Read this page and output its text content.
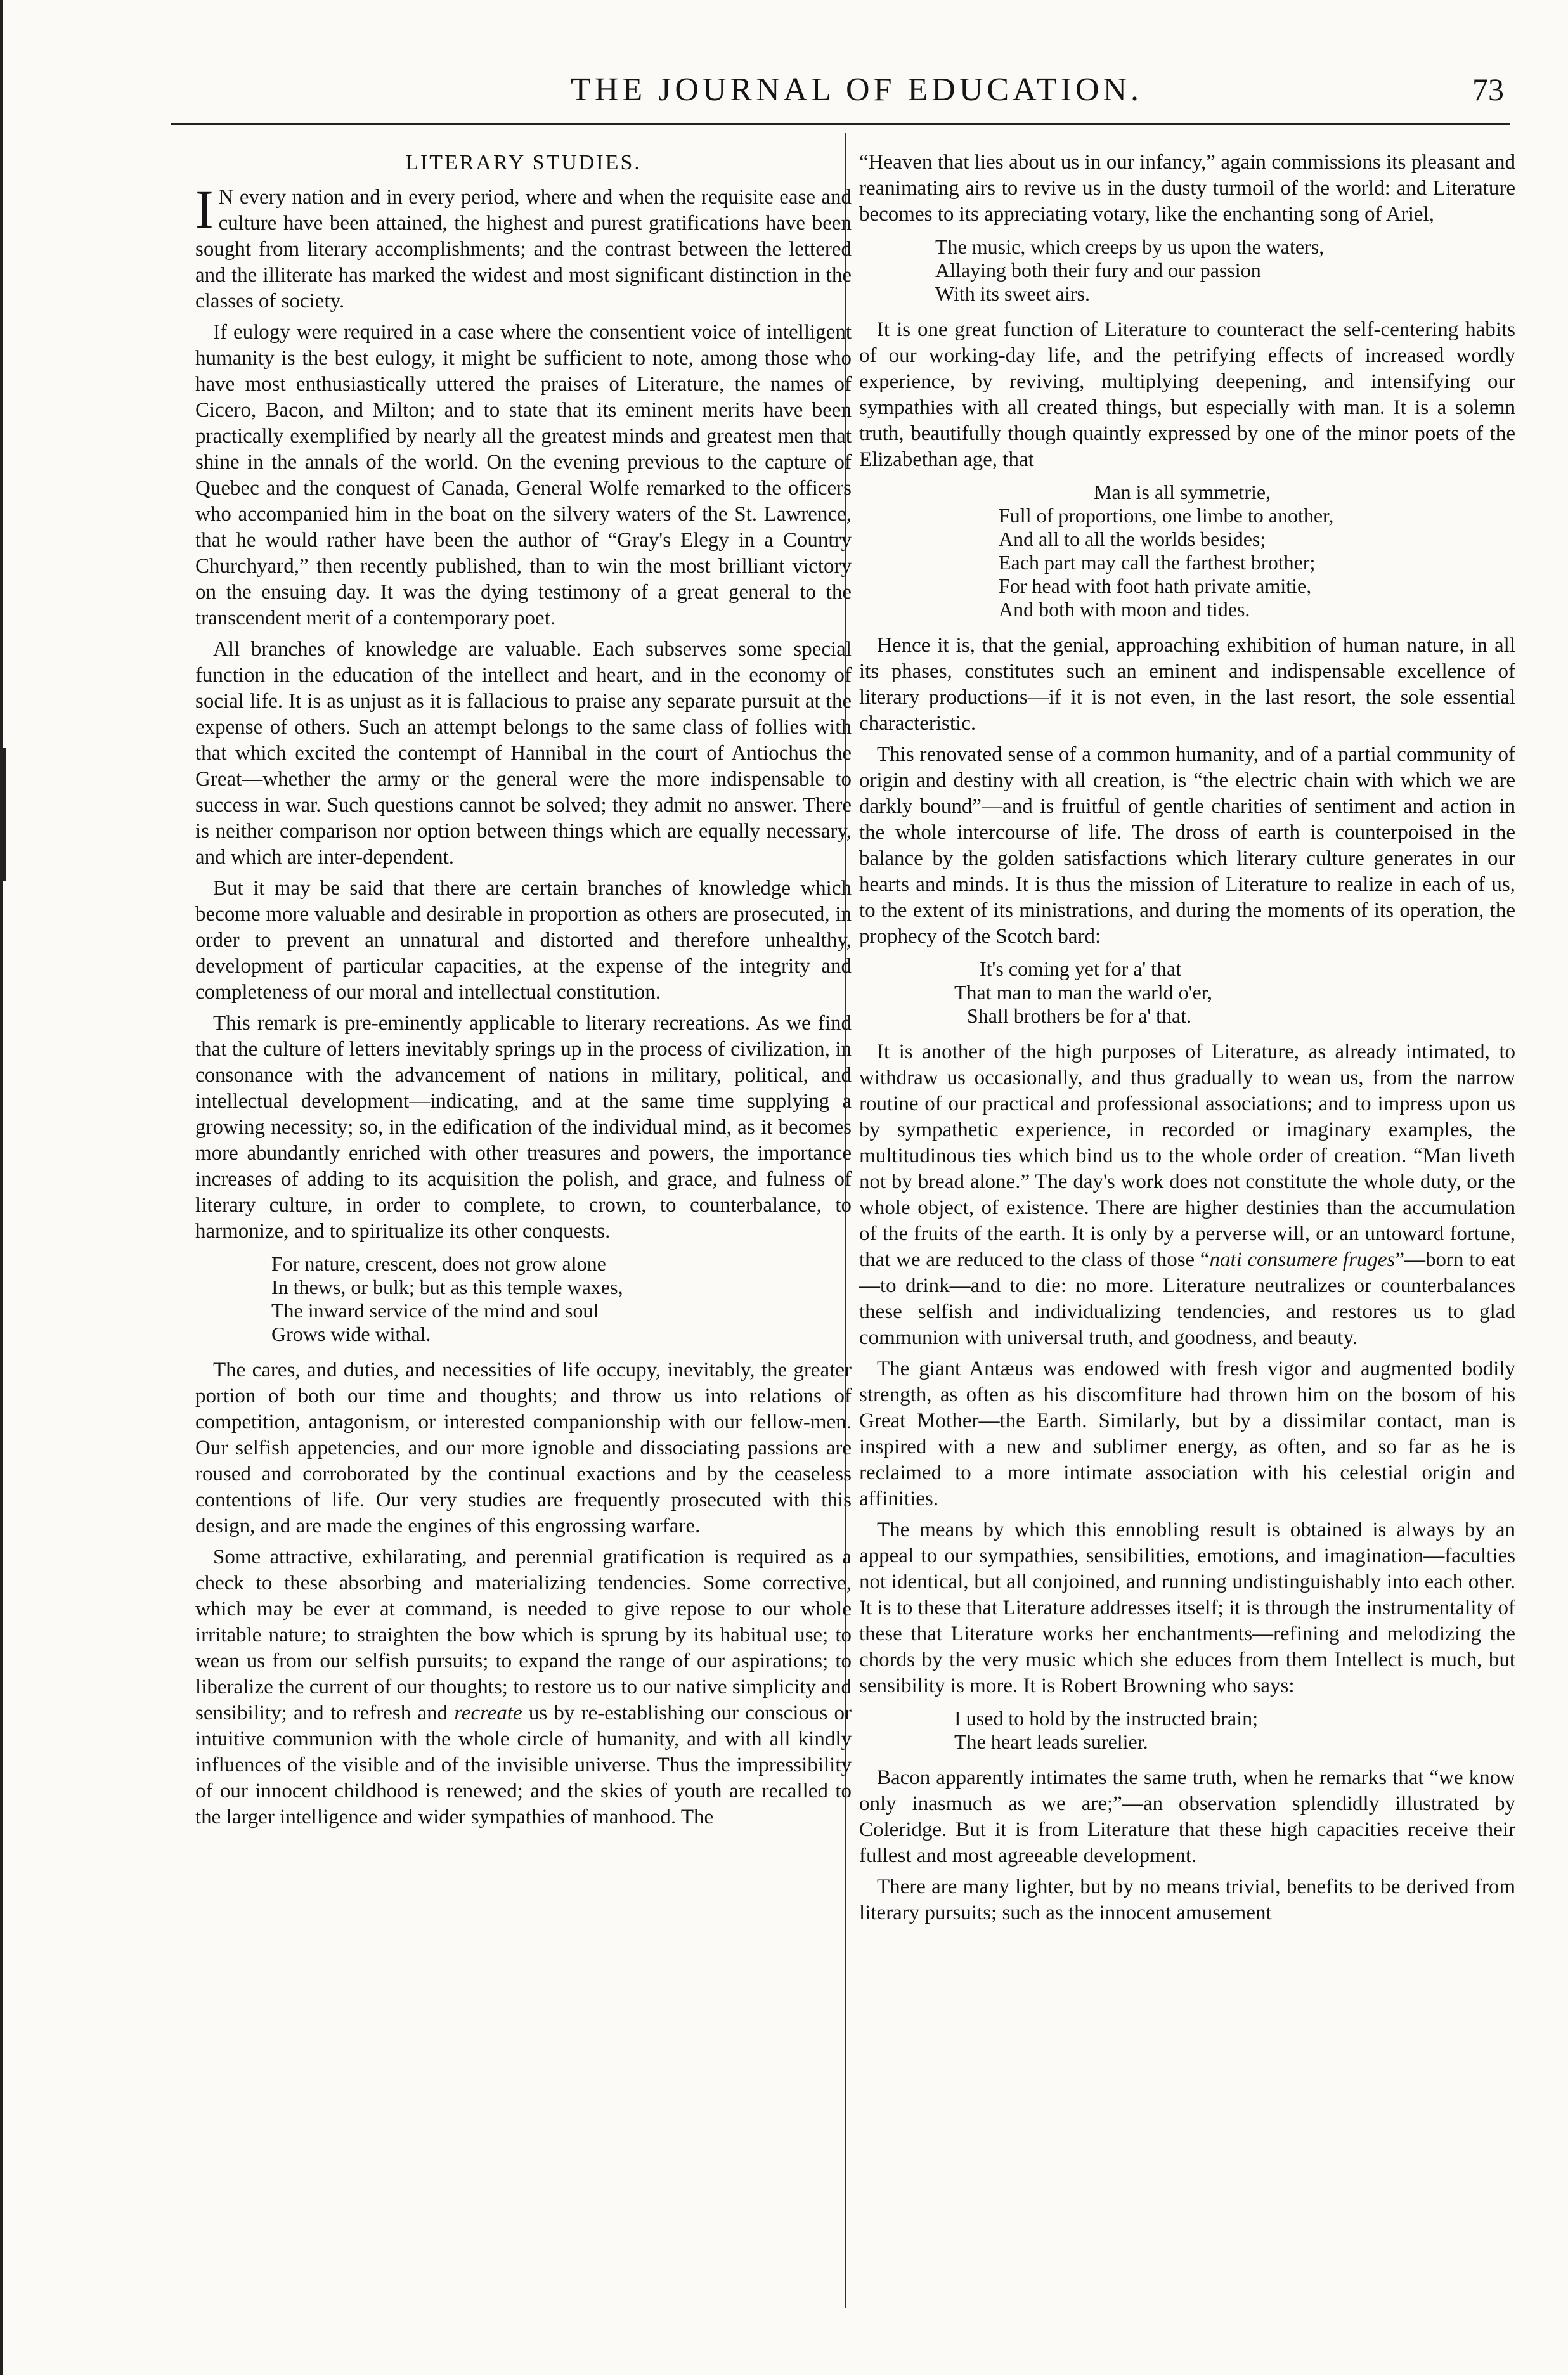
THE JOURNAL OF EDUCATION.	73
LITERARY STUDIES.

I N every nation and in every period, where and when the requisite ease and culture have been attained, the highest and purest gratifications have been sought from literary accomplishments; and the contrast between the lettered and the illiterate has marked the widest and most significant distinction in the classes of society.

If eulogy were required in a case where the consentient voice of intelligent humanity is the best eulogy, it might be sufficient to note, among those who have most enthusiastically uttered the praises of Literature, the names of Cicero, Bacon, and Milton; and to state that its eminent merits have been practically exemplified by nearly all the greatest minds and greatest men that shine in the annals of the world. On the evening previous to the capture of Quebec and the conquest of Canada, General Wolfe remarked to the officers who accompanied him in the boat on the silvery waters of the St. Lawrence, that he would rather have been the author of “Gray's Elegy in a Country Churchyard,” then recently published, than to win the most brilliant victory on the ensuing day. It was the dying testimony of a great general to the transcendent merit of a contemporary poet.

All branches of knowledge are valuable. Each subserves some special function in the education of the intellect and heart, and in the economy of social life. It is as unjust as it is fallacious to praise any separate pursuit at the expense of others. Such an attempt belongs to the same class of follies with that which excited the contempt of Hannibal in the court of Antiochus the Great—whether the army or the general were the more indispensable to success in war. Such questions cannot be solved; they admit no answer. There is neither comparison nor option between things which are equally necessary, and which are inter-dependent.

But it may be said that there are certain branches of knowledge which become more valuable and desirable in proportion as others are prosecuted, in order to prevent an unnatural and distorted and therefore unhealthy, development of particular capacities, at the expense of the integrity and completeness of our moral and intellectual constitution.

This remark is pre-eminently applicable to literary recreations. As we find that the culture of letters inevitably springs up in the process of civilization, in consonance with the advancement of nations in military, political, and intellectual development—indicating, and at the same time supplying a growing necessity; so, in the edification of the individual mind, as it becomes more abundantly enriched with other treasures and powers, the importance increases of adding to its acquisition the polish, and grace, and fulness of literary culture, in order to complete, to crown, to counterbalance, to harmonize, and to spiritualize its other conquests.

For nature, crescent, does not grow alone
In thews, or bulk; but as this temple waxes,
The inward service of the mind and soul
Grows wide withal.

The cares, and duties, and necessities of life occupy, inevitably, the greater portion of both our time and thoughts; and throw us into relations of competition, antagonism, or interested companionship with our fellow-men. Our selfish appetencies, and our more ignoble and dissociating passions are roused and corroborated by the continual exactions and by the ceaseless contentions of life. Our very studies are frequently prosecuted with this design, and are made the engines of this engrossing warfare.

Some attractive, exhilarating, and perennial gratification is required as a check to these absorbing and materializing tendencies. Some corrective, which may be ever at command, is needed to give repose to our whole irritable nature; to straighten the bow which is sprung by its habitual use; to wean us from our selfish pursuits; to expand the range of our aspirations; to liberalize the current of our thoughts; to restore us to our native simplicity and sensibility; and to refresh and recreate us by re-establishing our conscious or intuitive communion with the whole circle of humanity, and with all kindly influences of the visible and of the invisible universe. Thus the impressibility of our innocent childhood is renewed; and the skies of youth are recalled to the larger intelligence and wider sympathies of manhood. The

“Heaven that lies about us in our infancy,” again commissions its pleasant and reanimating airs to revive us in the dusty turmoil of the world: and Literature becomes to its appreciating votary, like the enchanting song of Ariel,

The music, which creeps by us upon the waters,
Allaying both their fury and our passion
With its sweet airs.

It is one great function of Literature to counteract the self-centering habits of our working-day life, and the petrifying effects of increased wordly experience, by reviving, multiplying deepening, and intensifying our sympathies with all created things, but especially with man. It is a solemn truth, beautifully though quaintly expressed by one of the minor poets of the Elizabethan age, that

Man is all symmetrie,
Full of proportions, one limbe to another,
And all to all the worlds besides;
Each part may call the farthest brother;
For head with foot hath private amitie,
And both with moon and tides.

Hence it is, that the genial, approaching exhibition of human nature, in all its phases, constitutes such an eminent and indispensable excellence of literary productions—if it is not even, in the last resort, the sole essential characteristic.

This renovated sense of a common humanity, and of a partial community of origin and destiny with all creation, is “the electric chain with which we are darkly bound”—and is fruitful of gentle charities of sentiment and action in the whole intercourse of life. The dross of earth is counterpoised in the balance by the golden satisfactions which literary culture generates in our hearts and minds. It is thus the mission of Literature to realize in each of us, to the extent of its ministrations, and during the moments of its operation, the prophecy of the Scotch bard:

It's coming yet for a' that
That man to man the warld o'er,
Shall brothers be for a' that.

It is another of the high purposes of Literature, as already intimated, to withdraw us occasionally, and thus gradually to wean us, from the narrow routine of our practical and professional associations; and to impress upon us by sympathetic experience, in recorded or imaginary examples, the multitudinous ties which bind us to the whole order of creation. “Man liveth not by bread alone.” The day's work does not constitute the whole duty, or the whole object, of existence. There are higher destinies than the accumulation of the fruits of the earth. It is only by a perverse will, or an untoward fortune, that we are reduced to the class of those “nati consumere fruges”—born to eat—to drink—and to die: no more. Literature neutralizes or counterbalances these selfish and individualizing tendencies, and restores us to glad communion with universal truth, and goodness, and beauty.

The giant Antæus was endowed with fresh vigor and augmented bodily strength, as often as his discomfiture had thrown him on the bosom of his Great Mother—the Earth. Similarly, but by a dissimilar contact, man is inspired with a new and sublimer energy, as often, and so far as he is reclaimed to a more intimate association with his celestial origin and affinities.

The means by which this ennobling result is obtained is always by an appeal to our sympathies, sensibilities, emotions, and imagination—faculties not identical, but all conjoined, and running undistinguishably into each other. It is to these that Literature addresses itself; it is through the instrumentality of these that Literature works her enchantments—refining and melodizing the chords by the very music which she educes from them Intellect is much, but sensibility is more. It is Robert Browning who says:

I used to hold by the instructed brain;
The heart leads surelier.

Bacon apparently intimates the same truth, when he remarks that “we know only inasmuch as we are;”—an observation splendidly illustrated by Coleridge. But it is from Literature that these high capacities receive their fullest and most agreeable development.

There are many lighter, but by no means trivial, benefits to be derived from literary pursuits; such as the innocent amusement
